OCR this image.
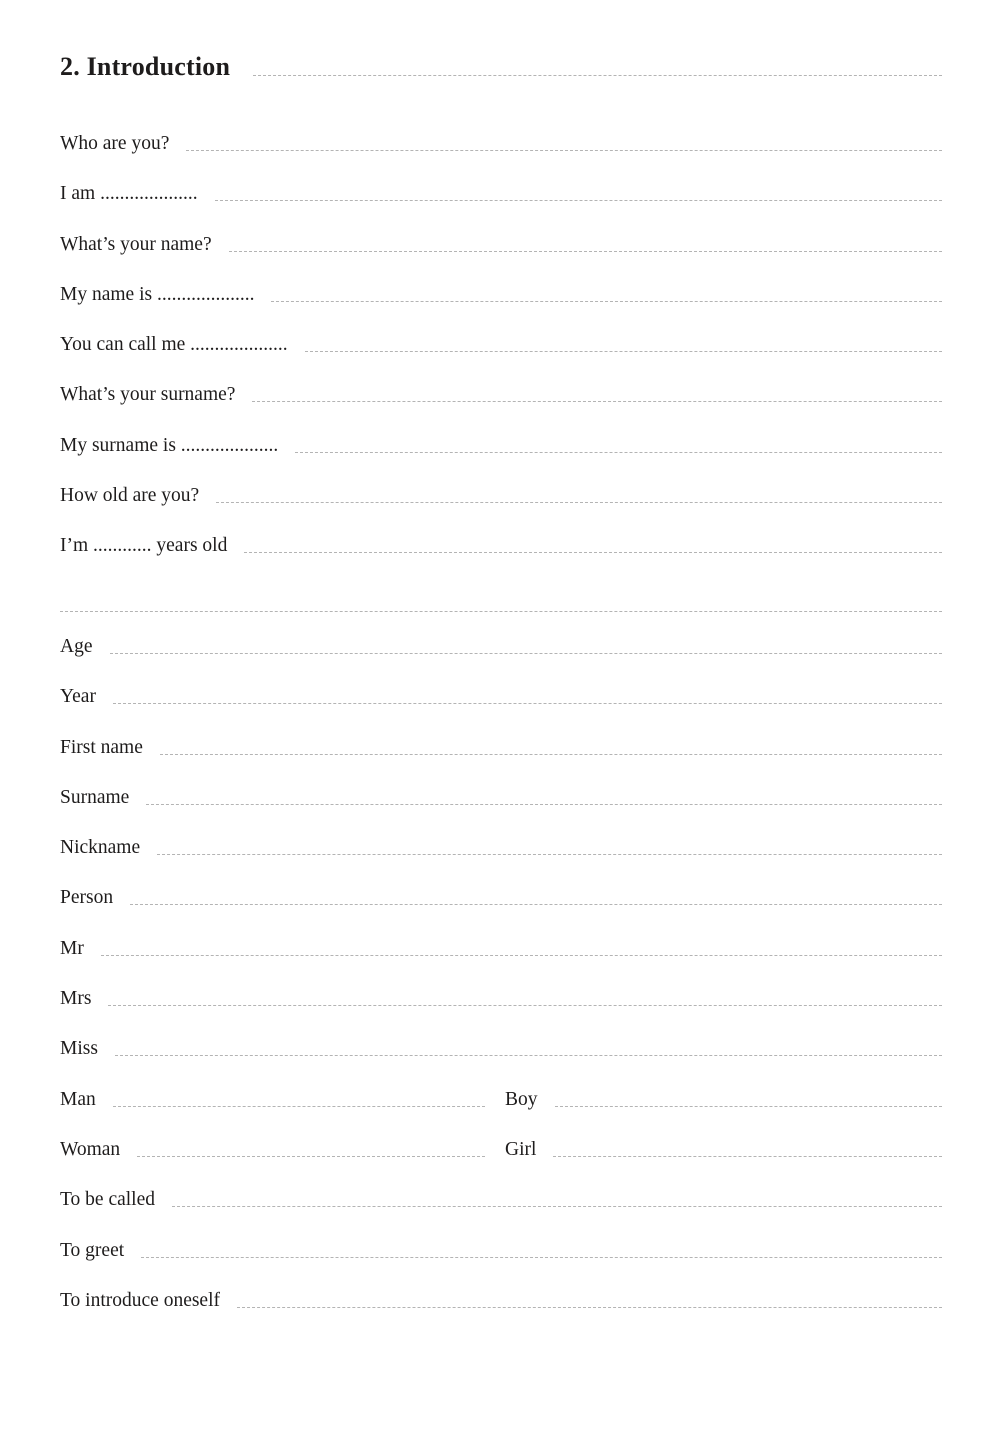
2. Introduction
Who are you?
I am ....................
What’s your name?
My name is ....................
You can call me ....................
What’s your surname?
My surname is ....................
How old are you?
I’m ............ years old
Age
Year
First name
Surname
Nickname
Person
Mr
Mrs
Miss
Man	Boy
Woman	Girl
To be called
To greet
To introduce oneself
